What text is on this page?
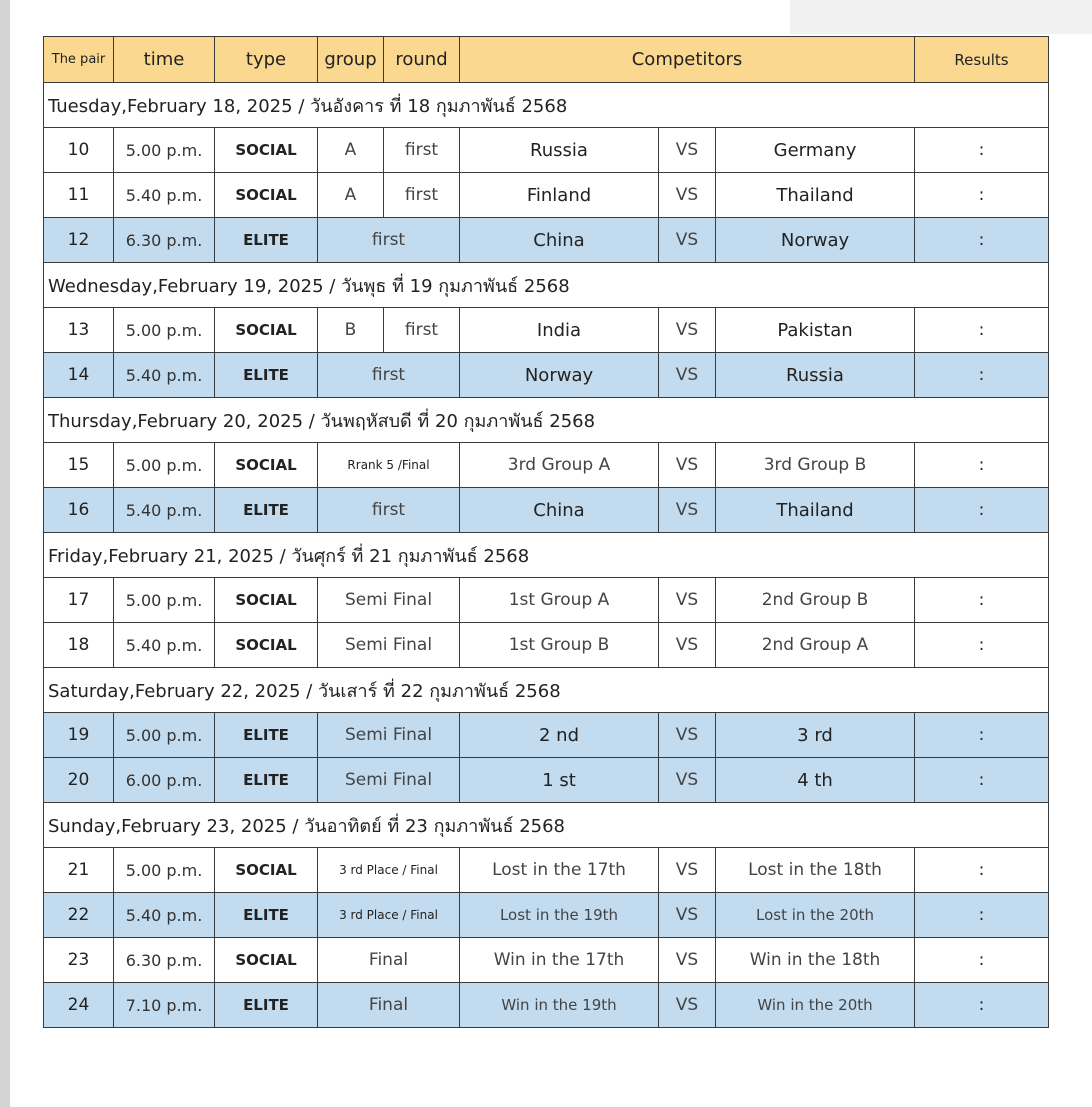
The pair	time	type	group	round	Competitors			Results
Tuesday,February 18, 2025 / วันอังคาร ที่ 18 กุมภาพันธ์ 2568								
10	5.00 p.m.	SOCIAL	A	first	Russia	VS	Germany	:
11	5.40 p.m.	SOCIAL	A	first	Finland	VS	Thailand	:
12	6.30 p.m.	ELITE	first		China	VS	Norway	:
Wednesday,February 19, 2025 / วันพุธ ที่ 19 กุมภาพันธ์ 2568								
13	5.00 p.m.	SOCIAL	B	first	India	VS	Pakistan	:
14	5.40 p.m.	ELITE	first		Norway	VS	Russia	:
Thursday,February 20, 2025 / วันพฤหัสบดี ที่ 20 กุมภาพันธ์ 2568								
15	5.00 p.m.	SOCIAL	Rrank 5 /Final		3rd Group A	VS	3rd Group B	:
16	5.40 p.m.	ELITE	first		China	VS	Thailand	:
Friday,February 21, 2025 / วันศุกร์ ที่ 21 กุมภาพันธ์ 2568								
17	5.00 p.m.	SOCIAL	Semi Final		1st Group A	VS	2nd Group B	:
18	5.40 p.m.	SOCIAL	Semi Final		1st Group B	VS	2nd Group A	:
Saturday,February 22, 2025 / วันเสาร์ ที่ 22 กุมภาพันธ์ 2568								
19	5.00 p.m.	ELITE	Semi Final		2 nd	VS	3 rd	:
20	6.00 p.m.	ELITE	Semi Final		1 st	VS	4 th	:
Sunday,February 23, 2025 / วันอาทิตย์ ที่ 23 กุมภาพันธ์ 2568								
21	5.00 p.m.	SOCIAL	3 rd Place / Final		Lost in the 17th	VS	Lost in the 18th	:
22	5.40 p.m.	ELITE	3 rd Place / Final		Lost in the 19th	VS	Lost in the 20th	:
23	6.30 p.m.	SOCIAL	Final		Win in the 17th	VS	Win in the 18th	:
24	7.10 p.m.	ELITE	Final		Win in the 19th	VS	Win in the 20th	:
